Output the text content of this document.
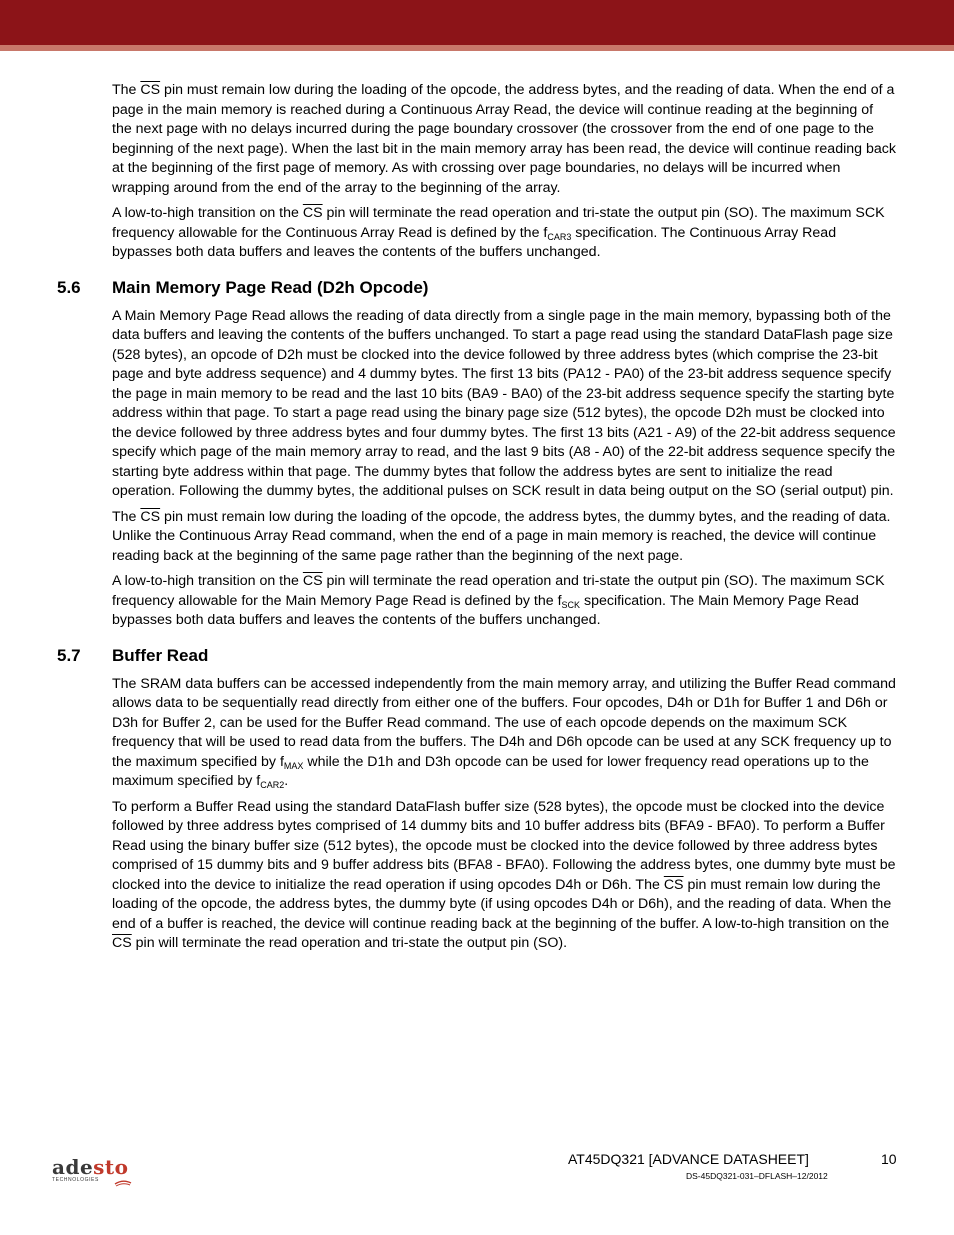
The $\overline{CS}$ pin must remain low during the loading of the opcode, the address bytes, and the reading of data. When the end of a page in the main memory is reached during a Continuous Array Read, the device will continue reading at the beginning of the next page with no delays incurred during the page boundary crossover (the crossover from the end of one page to the beginning of the next page). When the last bit in the main memory array has been read, the device will continue reading back at the beginning of the first page of memory. As with crossing over page boundaries, no delays will be incurred when wrapping around from the end of the array to the beginning of the array.

A low-to-high transition on the $\overline{CS}$ pin will terminate the read operation and tri-state the output pin (SO). The maximum SCK frequency allowable for the Continuous Array Read is defined by the $f_{CAR3}$ specification. The Continuous Array Read bypasses both data buffers and leaves the contents of the buffers unchanged.

5.6 Main Memory Page Read (D2h Opcode)

A Main Memory Page Read allows the reading of data directly from a single page in the main memory, bypassing both of the data buffers and leaving the contents of the buffers unchanged. To start a page read using the standard DataFlash page size (528 bytes), an opcode of D2h must be clocked into the device followed by three address bytes (which comprise the 23-bit page and byte address sequence) and 4 dummy bytes. The first 13 bits (PA12 - PA0) of the 23-bit address sequence specify the page in main memory to be read and the last 10 bits (BA9 - BA0) of the 23-bit address sequence specify the starting byte address within that page. To start a page read using the binary page size (512 bytes), the opcode D2h must be clocked into the device followed by three address bytes and four dummy bytes. The first 13 bits (A21 - A9) of the 22-bit address sequence specify which page of the main memory array to read, and the last 9 bits (A8 - A0) of the 22-bit address sequence specify the starting byte address within that page. The dummy bytes that follow the address bytes are sent to initialize the read operation. Following the dummy bytes, the additional pulses on SCK result in data being output on the SO (serial output) pin.

The $\overline{CS}$ pin must remain low during the loading of the opcode, the address bytes, the dummy bytes, and the reading of data. Unlike the Continuous Array Read command, when the end of a page in main memory is reached, the device will continue reading back at the beginning of the same page rather than the beginning of the next page.

A low-to-high transition on the $\overline{CS}$ pin will terminate the read operation and tri-state the output pin (SO). The maximum SCK frequency allowable for the Main Memory Page Read is defined by the $f_{SCK}$ specification. The Main Memory Page Read bypasses both data buffers and leaves the contents of the buffers unchanged.

5.7 Buffer Read

The SRAM data buffers can be accessed independently from the main memory array, and utilizing the Buffer Read command allows data to be sequentially read directly from either one of the buffers. Four opcodes, D4h or D1h for Buffer 1 and D6h or D3h for Buffer 2, can be used for the Buffer Read command. The use of each opcode depends on the maximum SCK frequency that will be used to read data from the buffers. The D4h and D6h opcode can be used at any SCK frequency up to the maximum specified by $f_{MAX}$ while the D1h and D3h opcode can be used for lower frequency read operations up to the maximum specified by $f_{CAR2}$.

To perform a Buffer Read using the standard DataFlash buffer size (528 bytes), the opcode must be clocked into the device followed by three address bytes comprised of 14 dummy bits and 10 buffer address bits (BFA9 - BFA0). To perform a Buffer Read using the binary buffer size (512 bytes), the opcode must be clocked into the device followed by three address bytes comprised of 15 dummy bits and 9 buffer address bits (BFA8 - BFA0). Following the address bytes, one dummy byte must be clocked into the device to initialize the read operation if using opcodes D4h or D6h. The $\overline{CS}$ pin must remain low during the loading of the opcode, the address bytes, the dummy byte (if using opcodes D4h or D6h), and the reading of data. When the end of a buffer is reached, the device will continue reading back at the beginning of the buffer. A low-to-high transition on the $\overline{CS}$ pin will terminate the read operation and tri-state the output pin (SO).

adesto
TECHNOLOGIES
AT45DQ321 [ADVANCE DATASHEET]	10
DS-45DQ321-031–DFLASH–12/2012
